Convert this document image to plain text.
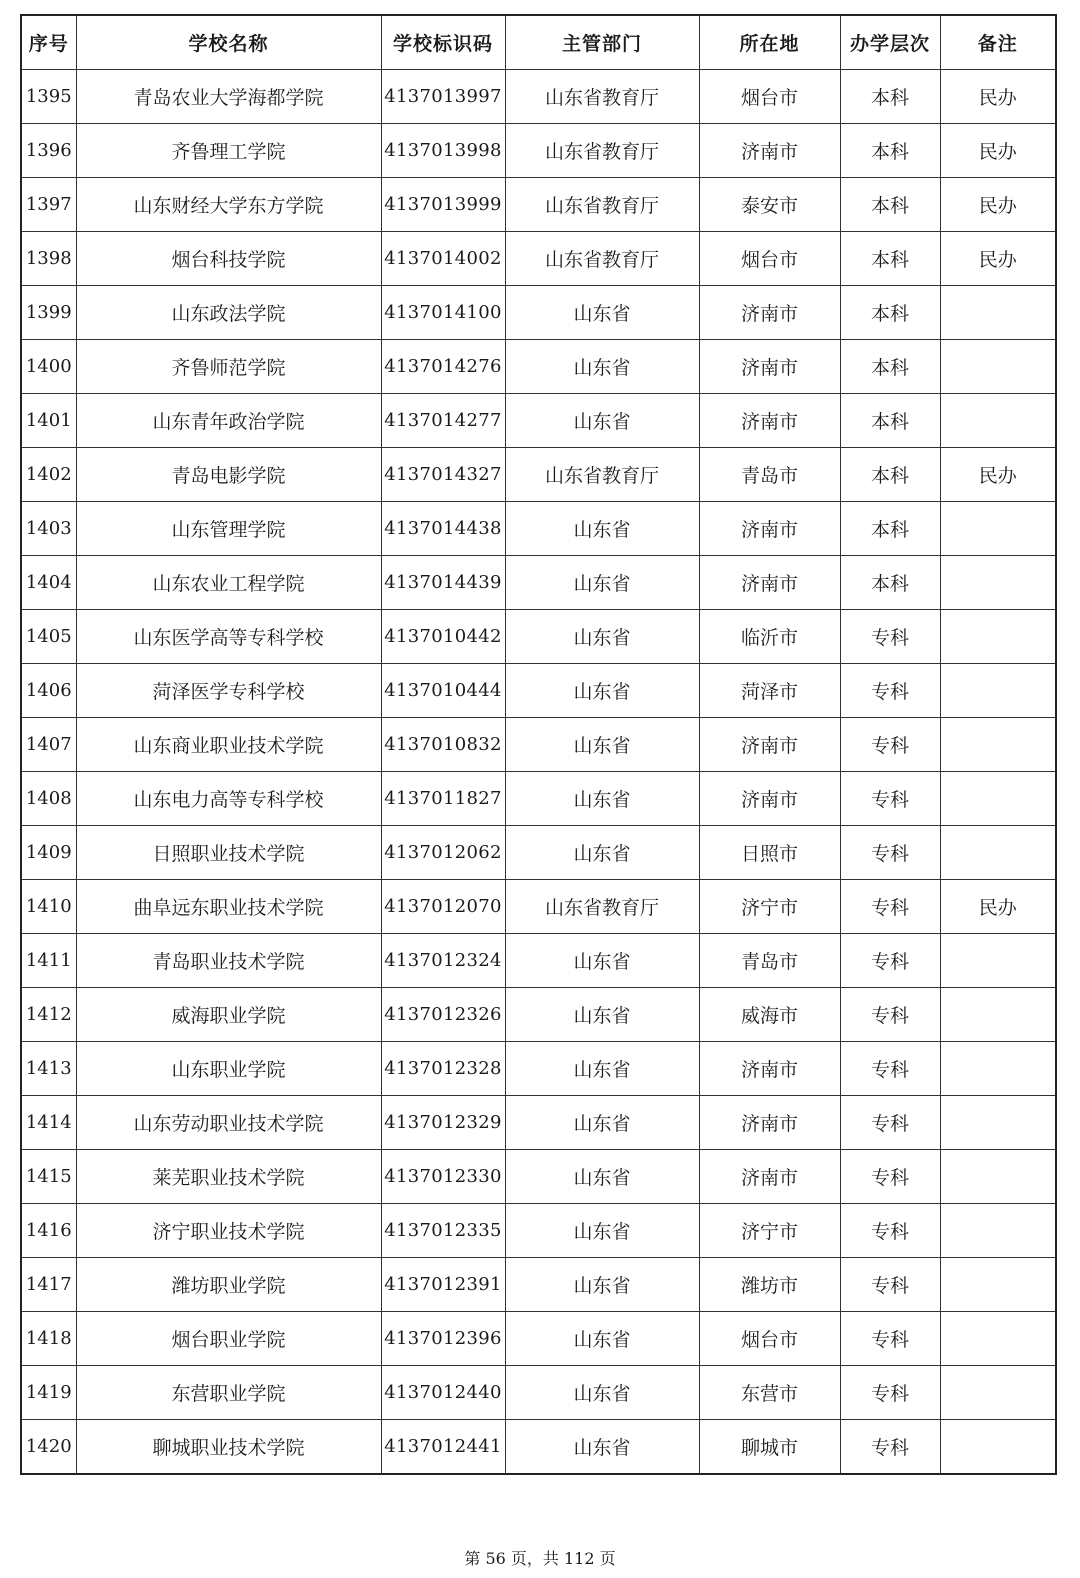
序号	学校名称	学校标识码	主管部门	所在地	办学层次	备注
1395	青岛农业大学海都学院	4137013997	山东省教育厅	烟台市	本科	民办
1396	齐鲁理工学院	4137013998	山东省教育厅	济南市	本科	民办
1397	山东财经大学东方学院	4137013999	山东省教育厅	泰安市	本科	民办
1398	烟台科技学院	4137014002	山东省教育厅	烟台市	本科	民办
1399	山东政法学院	4137014100	山东省	济南市	本科	
1400	齐鲁师范学院	4137014276	山东省	济南市	本科	
1401	山东青年政治学院	4137014277	山东省	济南市	本科	
1402	青岛电影学院	4137014327	山东省教育厅	青岛市	本科	民办
1403	山东管理学院	4137014438	山东省	济南市	本科	
1404	山东农业工程学院	4137014439	山东省	济南市	本科	
1405	山东医学高等专科学校	4137010442	山东省	临沂市	专科	
1406	菏泽医学专科学校	4137010444	山东省	菏泽市	专科	
1407	山东商业职业技术学院	4137010832	山东省	济南市	专科	
1408	山东电力高等专科学校	4137011827	山东省	济南市	专科	
1409	日照职业技术学院	4137012062	山东省	日照市	专科	
1410	曲阜远东职业技术学院	4137012070	山东省教育厅	济宁市	专科	民办
1411	青岛职业技术学院	4137012324	山东省	青岛市	专科	
1412	威海职业学院	4137012326	山东省	威海市	专科	
1413	山东职业学院	4137012328	山东省	济南市	专科	
1414	山东劳动职业技术学院	4137012329	山东省	济南市	专科	
1415	莱芜职业技术学院	4137012330	山东省	济南市	专科	
1416	济宁职业技术学院	4137012335	山东省	济宁市	专科	
1417	潍坊职业学院	4137012391	山东省	潍坊市	专科	
1418	烟台职业学院	4137012396	山东省	烟台市	专科	
1419	东营职业学院	4137012440	山东省	东营市	专科	
1420	聊城职业技术学院	4137012441	山东省	聊城市	专科	
第 56 页，共 112 页
